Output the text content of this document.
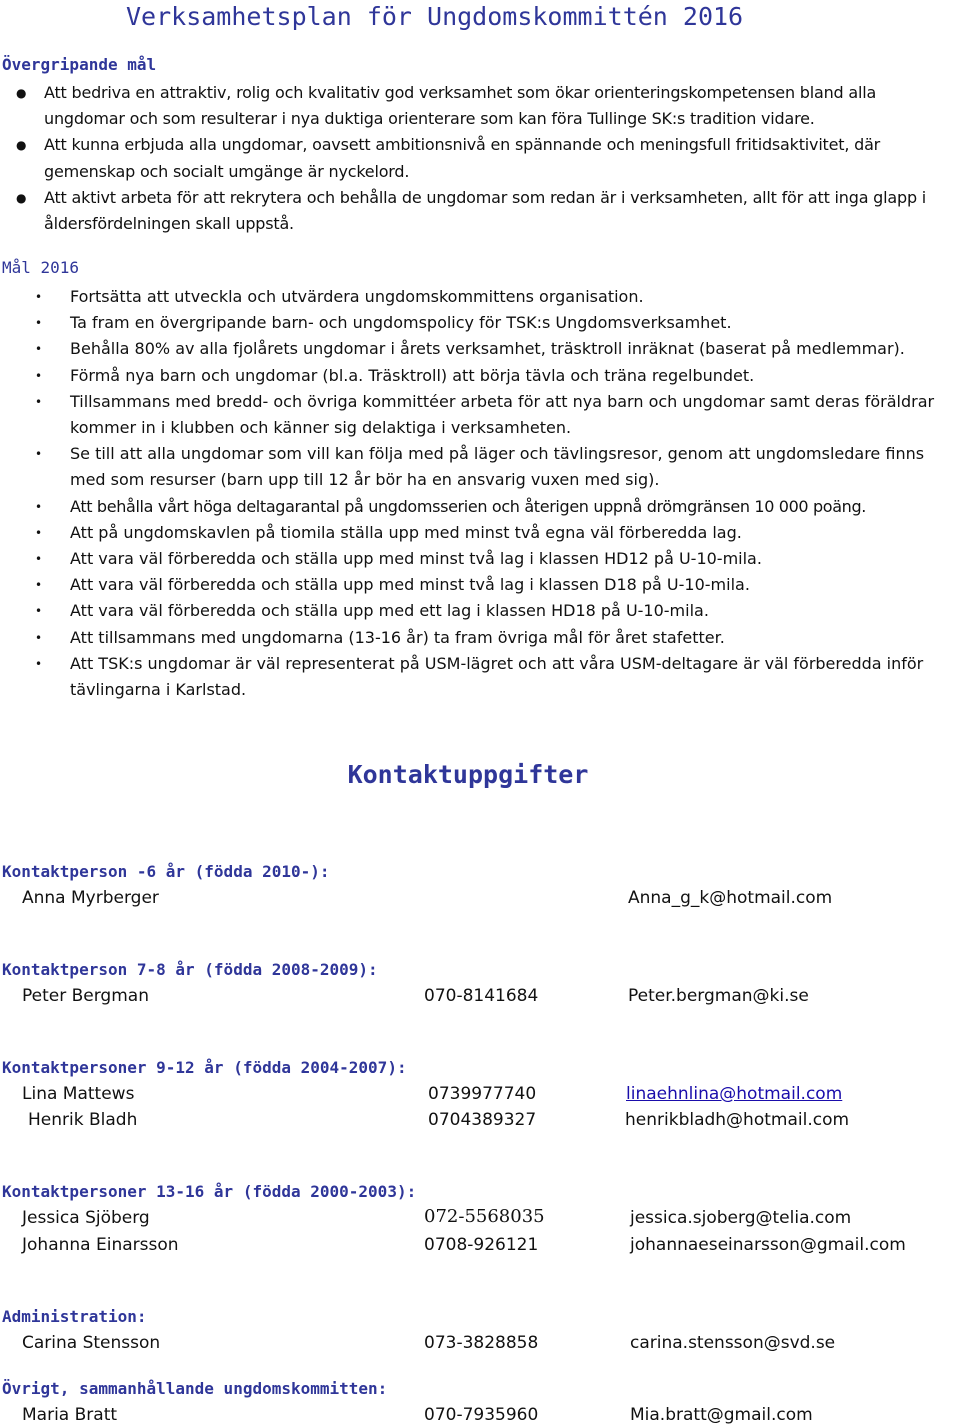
Verksamhetsplan för Ungdomskommittén 2016
Övergripande mål
● Att bedriva en attraktiv, rolig och kvalitativ god verksamhet som ökar orienteringskompetensen bland alla ungdomar och som resulterar i nya duktiga orienterare som kan föra Tullinge SK:s tradition vidare.
● Att kunna erbjuda alla ungdomar, oavsett ambitionsnivå en spännande och meningsfull fritidsaktivitet, där gemenskap och socialt umgänge är nyckelord.
● Att aktivt arbeta för att rekrytera och behålla de ungdomar som redan är i verksamheten, allt för att inga glapp i åldersfördelningen skall uppstå.
Mål 2016
• Fortsätta att utveckla och utvärdera ungdomskommittens organisation.
• Ta fram en övergripande barn- och ungdomspolicy för TSK:s Ungdomsverksamhet.
• Behålla 80% av alla fjolårets ungdomar i årets verksamhet, träsktroll inräknat (baserat på medlemmar).
• Förmå nya barn och ungdomar (bl.a. Träsktroll) att börja tävla och träna regelbundet.
• Tillsammans med bredd- och övriga kommittéer arbeta för att nya barn och ungdomar samt deras föräldrar kommer in i klubben och känner sig delaktiga i verksamheten.
• Se till att alla ungdomar som vill kan följa med på läger och tävlingsresor, genom att ungdomsledare finns med som resurser (barn upp till 12 år bör ha en ansvarig vuxen med sig).
• Att behålla vårt höga deltagarantal på ungdomsserien och återigen uppnå drömgränsen 10 000 poäng.
• Att på ungdomskavlen på tiomila ställa upp med minst två egna väl förberedda lag.
• Att vara väl förberedda och ställa upp med minst två lag i klassen HD12 på U-10-mila.
• Att vara väl förberedda och ställa upp med minst två lag i klassen D18 på U-10-mila.
• Att vara väl förberedda och ställa upp med ett lag i klassen HD18 på U-10-mila.
• Att tillsammans med ungdomarna (13-16 år) ta fram övriga mål för året stafetter.
• Att TSK:s ungdomar är väl representerat på USM-lägret och att våra USM-deltagare är väl förberedda inför tävlingarna i Karlstad.
Kontaktuppgifter
Kontaktperson -6 år (födda 2010-):
Anna Myrberger	Anna_g_k@hotmail.com
Kontaktperson 7-8 år (födda 2008-2009):
Peter Bergman	070-8141684	Peter.bergman@ki.se
Kontaktpersoner 9-12 år (födda 2004-2007):
Lina Mattews	0739977740	linaehnlina@hotmail.com
Henrik Bladh	0704389327	henrikbladh@hotmail.com
Kontaktpersoner 13-16 år (födda 2000-2003):
Jessica Sjöberg	072-5568035	jessica.sjoberg@telia.com
Johanna Einarsson	0708-926121	johannaeseinarsson@gmail.com
Administration:
Carina Stensson	073-3828858	carina.stensson@svd.se
Övrigt, sammanhållande ungdomskommitten:
Maria Bratt	070-7935960	Mia.bratt@gmail.com
